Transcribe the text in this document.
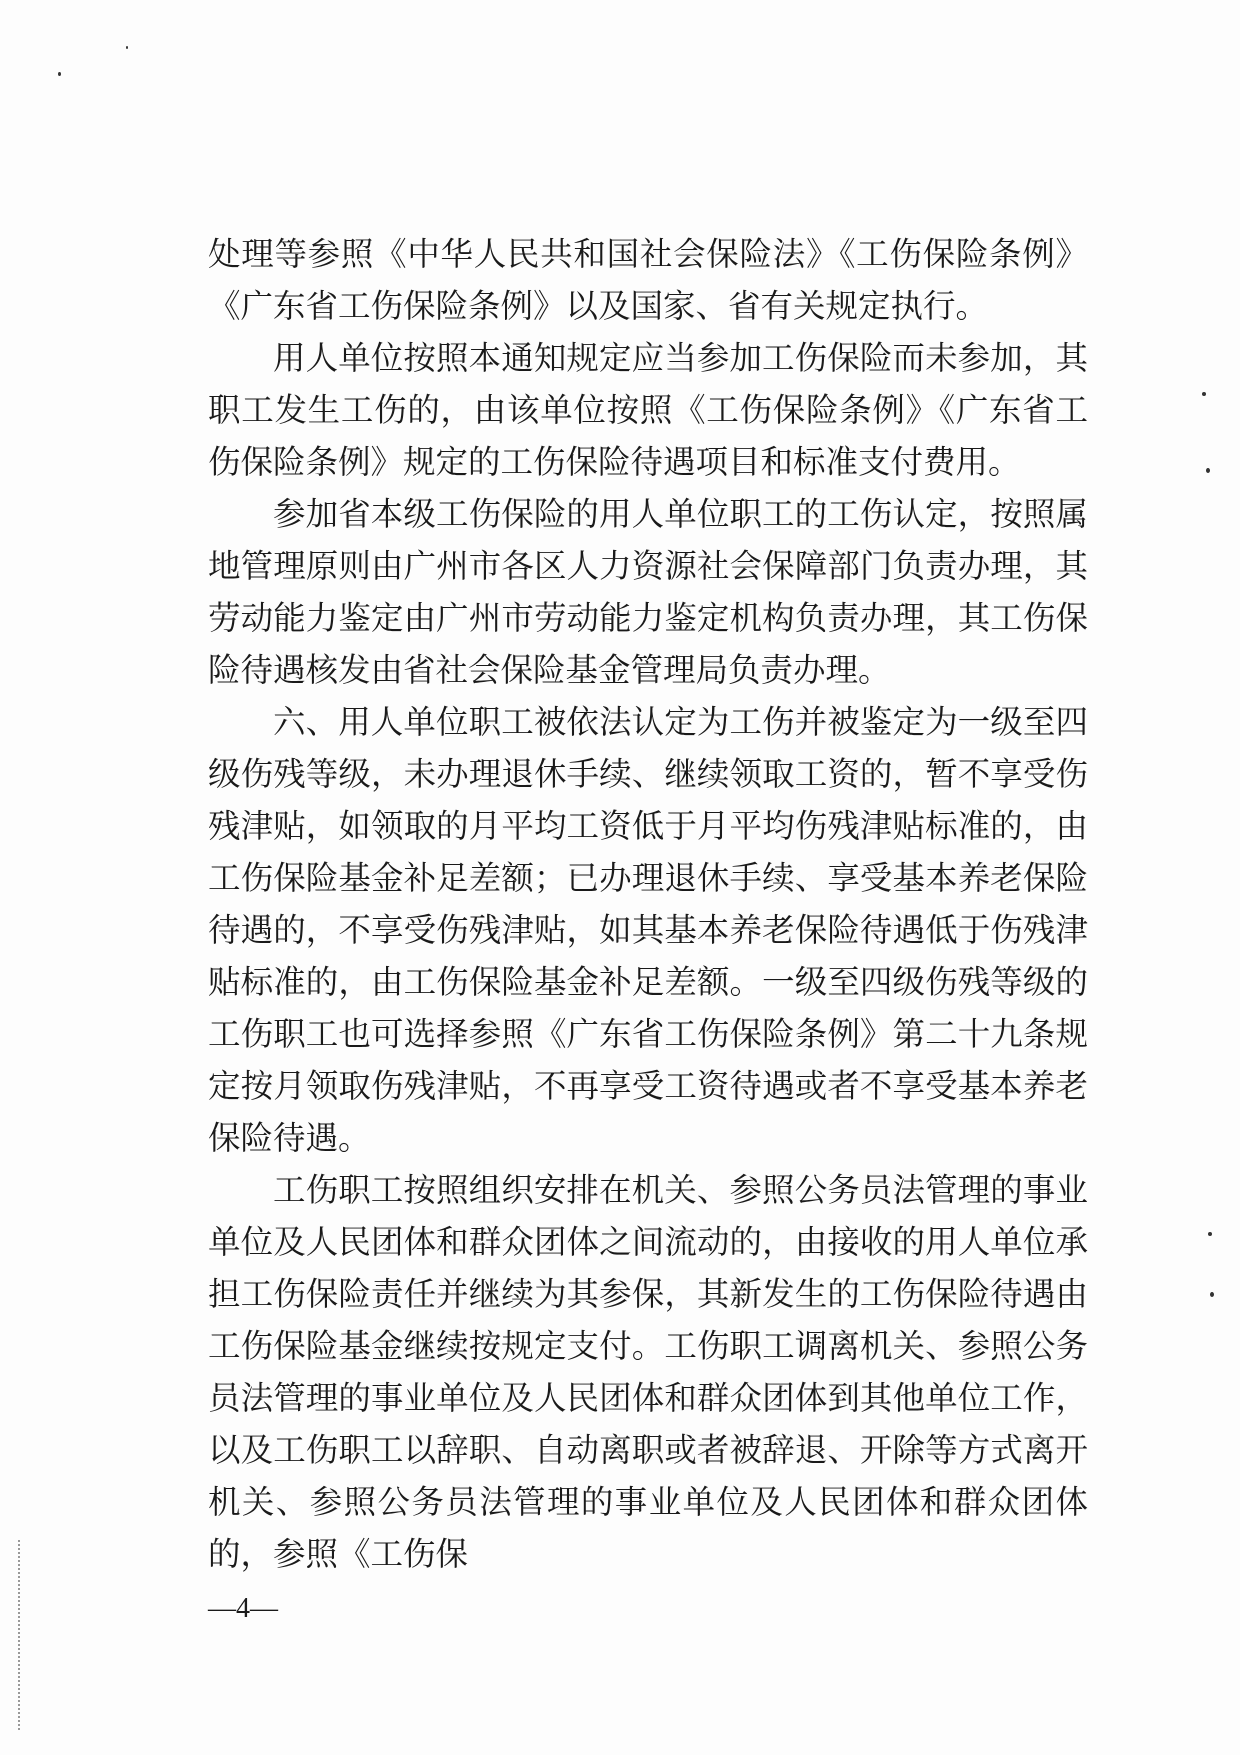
处理等参照《中华人民共和国社会保险法》《工伤保险条例》《广东省工伤保险条例》以及国家、省有关规定执行。

用人单位按照本通知规定应当参加工伤保险而未参加，其职工发生工伤的，由该单位按照《工伤保险条例》《广东省工伤保险条例》规定的工伤保险待遇项目和标准支付费用。

参加省本级工伤保险的用人单位职工的工伤认定，按照属地管理原则由广州市各区人力资源社会保障部门负责办理，其劳动能力鉴定由广州市劳动能力鉴定机构负责办理，其工伤保险待遇核发由省社会保险基金管理局负责办理。

六、用人单位职工被依法认定为工伤并被鉴定为一级至四级伤残等级，未办理退休手续、继续领取工资的，暂不享受伤残津贴，如领取的月平均工资低于月平均伤残津贴标准的，由工伤保险基金补足差额；已办理退休手续、享受基本养老保险待遇的，不享受伤残津贴，如其基本养老保险待遇低于伤残津贴标准的，由工伤保险基金补足差额。一级至四级伤残等级的工伤职工也可选择参照《广东省工伤保险条例》第二十九条规定按月领取伤残津贴，不再享受工资待遇或者不享受基本养老保险待遇。

工伤职工按照组织安排在机关、参照公务员法管理的事业单位及人民团体和群众团体之间流动的，由接收的用人单位承担工伤保险责任并继续为其参保，其新发生的工伤保险待遇由工伤保险基金继续按规定支付。工伤职工调离机关、参照公务员法管理的事业单位及人民团体和群众团体到其他单位工作，以及工伤职工以辞职、自动离职或者被辞退、开除等方式离开机关、参照公务员法管理的事业单位及人民团体和群众团体的，参照《工伤保

—4—
